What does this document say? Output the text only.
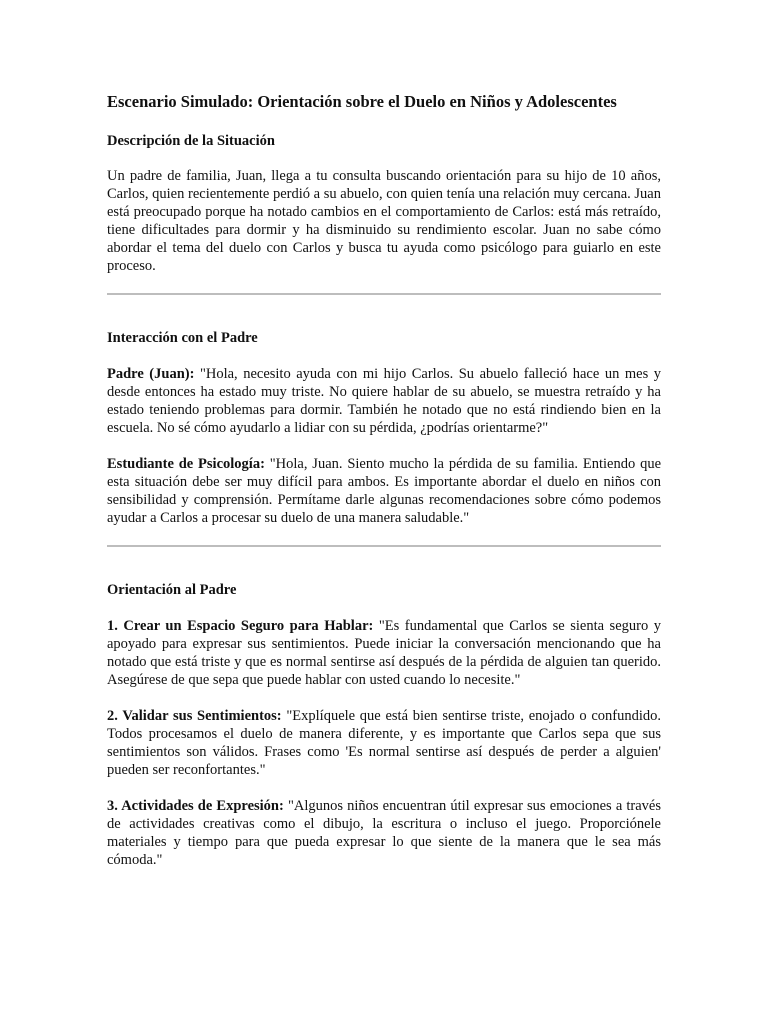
Escenario Simulado: Orientación sobre el Duelo en Niños y Adolescentes
Descripción de la Situación

Un padre de familia, Juan, llega a tu consulta buscando orientación para su hijo de 10 años, Carlos, quien recientemente perdió a su abuelo, con quien tenía una relación muy cercana. Juan está preocupado porque ha notado cambios en el comportamiento de Carlos: está más retraído, tiene dificultades para dormir y ha disminuido su rendimiento escolar. Juan no sabe cómo abordar el tema del duelo con Carlos y busca tu ayuda como psicólogo para guiarlo en este proceso.

Interacción con el Padre

Padre (Juan): "Hola, necesito ayuda con mi hijo Carlos. Su abuelo falleció hace un mes y desde entonces ha estado muy triste. No quiere hablar de su abuelo, se muestra retraído y ha estado teniendo problemas para dormir. También he notado que no está rindiendo bien en la escuela. No sé cómo ayudarlo a lidiar con su pérdida, ¿podrías orientarme?"

Estudiante de Psicología: "Hola, Juan. Siento mucho la pérdida de su familia. Entiendo que esta situación debe ser muy difícil para ambos. Es importante abordar el duelo en niños con sensibilidad y comprensión. Permítame darle algunas recomendaciones sobre cómo podemos ayudar a Carlos a procesar su duelo de una manera saludable."

Orientación al Padre

1. Crear un Espacio Seguro para Hablar: "Es fundamental que Carlos se sienta seguro y apoyado para expresar sus sentimientos. Puede iniciar la conversación mencionando que ha notado que está triste y que es normal sentirse así después de la pérdida de alguien tan querido. Asegúrese de que sepa que puede hablar con usted cuando lo necesite."

2. Validar sus Sentimientos: "Explíquele que está bien sentirse triste, enojado o confundido. Todos procesamos el duelo de manera diferente, y es importante que Carlos sepa que sus sentimientos son válidos. Frases como 'Es normal sentirse así después de perder a alguien' pueden ser reconfortantes."

3. Actividades de Expresión: "Algunos niños encuentran útil expresar sus emociones a través de actividades creativas como el dibujo, la escritura o incluso el juego. Proporciónele materiales y tiempo para que pueda expresar lo que siente de la manera que le sea más cómoda."
